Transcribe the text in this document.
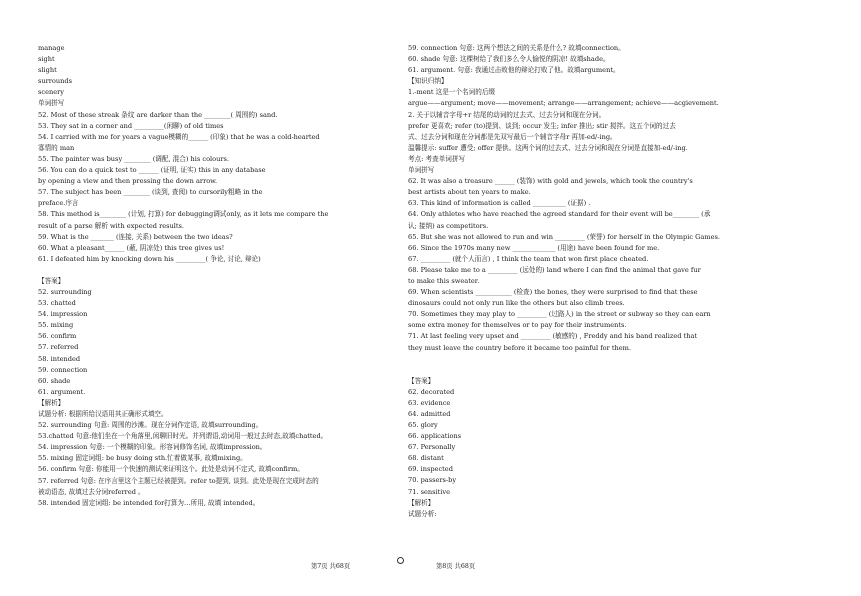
manage
sight
slight
surrounds
scenery
单词拼写
52. Most of these streak 条纹 are darker than the ________( 周围的) sand.
53. They sat in a corner and _________(闲聊) of old times
54. I carried with me for years a vague模糊的______ (印象) that he was a cold-hearted
寡情的 man
55. The painter was busy ________ (调配, 混合) his colours.
56. You can do a quick test to ______ (证明, 证实) this in any database
by opening a view and then pressing the down arrow.
57. The subject has been ________ (谈到, 查阅) to cursorily粗略 in the
preface.序言
58. This method is________ (计划, 打算) for debugging调试only, as it lets me compare the
result of a parse 解析 with expected results.
59. What is the _______ (连接, 关系) between the two ideas?
60. What a pleasant______ (蔽, 阴凉处) this tree gives us!
61. I defeated him by knocking down his _________( 争论, 讨论, 辩论)
【答案】
52. surrounding
53. chatted
54. impression
55. mixing
56. confirm
57. referred
58. intended
59. connection
60. shade
61. argument.
【解析】
试题分析: 根据所给汉语用其正确形式填空。
52. surrounding 句意: 周围的沙滩。现在分词作定语, 故填surrounding。
53.chatted 句意:他们坐在一个角落里,闲聊旧时光。并列谓语,动词用一般过去时态,故填chatted。
54. impression 句意: 一个模糊的印象。形容词修饰名词, 故填impression。
55. mixing 固定词组: be busy doing sth.忙着做某事, 故填mixing。
56. confirm 句意: 你能用一个快速的测试来证明这个。此处是动词不定式, 故填confirm。
57. referred 句意: 在序言里这个主题已经被提到。refer to提到, 谈到。此处是现在完成时态的
被动语态, 故填过去分词referred 。
58. intended 固定词组: be intended for打算为…所用, 故填 intended。
59. connection 句意: 这两个想法之间的关系是什么? 故填connection。
60. shade 句意: 这棵树给了我们多么令人愉悦的阴凉! 故填shade。
61. argument. 句意: 我通过击败他的辩论打败了他。故填argument。
【知识归纳】
1.-ment 这是一个名词的后缀
argue——argument; move——movement; arrange——arrangement; achieve——acgievement.
2. 关于以辅音字母+r 结尾的动词的过去式、过去分词和现在分词。
prefer 更喜欢; refer (to)提到、谈到; occur 发生; infer 推出; stir 搅拌。这五个词的过去
式、过去分词和现在分词都是先双写最后一个辅音字母r 再加-ed/-ing。
温馨提示: suffer 遭受; offer 提供。这两个词的过去式、过去分词和现在分词是直接加-ed/-ing.
考点: 考查单词拼写
单词拼写
62. It was also a treasure ______ (装饰) with gold and jewels, which took the country's
best artists about ten years to make.
63. This kind of information is called __________ (证据) .
64. Only athletes who have reached the agreed standard for their event will be________ (承
认; 接纳) as competitors.
65. But she was not allowed to run and win _________ (荣誉) for herself in the Olympic Games.
66. Since the 1970s many new _____________ (用途) have been found for me.
67. _________ (就个人而言) , I think the team that won first place cheated.
68. Please take me to a _________ (远处的) land where I can find the animal that gave fur
to make this sweater.
69. When scientists ___________ (检查) the bones, they were surprised to find that these
dinosaurs could not only run like the others but also climb trees.
70. Sometimes they may play to _________ (过路人) in the street or subway so they can earn
some extra money for themselves or to pay for their instruments.
71. At last feeling very upset and _________ (敏感的) , Freddy and his band realized that
they must leave the country before it became too painful for them.
【答案】
62. decorated
63. evidence
64. admitted
65. glory
66. applications
67. Personally
68. distant
69. inspected
70. passers-by
71. sensitive
【解析】
试题分析:
第7页 共68页	第8页 共68页
